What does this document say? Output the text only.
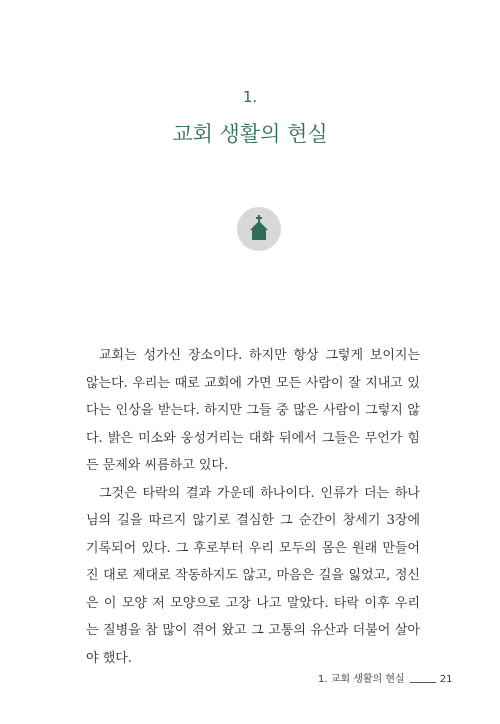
1.
교회 생활의 현실

교회는 성가신 장소이다. 하지만 항상 그렇게 보이지는 않는다. 우리는 때로 교회에 가면 모든 사람이 잘 지내고 있다는 인상을 받는다. 하지만 그들 중 많은 사람이 그렇지 않다. 밝은 미소와 웅성거리는 대화 뒤에서 그들은 무언가 힘든 문제와 씨름하고 있다.

그것은 타락의 결과 가운데 하나이다. 인류가 더는 하나님의 길을 따르지 않기로 결심한 그 순간이 창세기 3장에 기록되어 있다. 그 후로부터 우리 모두의 몸은 원래 만들어진 대로 제대로 작동하지도 않고, 마음은 길을 잃었고, 정신은 이 모양 저 모양으로 고장 나고 말았다. 타락 이후 우리는 질병을 참 많이 겪어 왔고 그 고통의 유산과 더불어 살아야 했다.

1. 교회 생활의 현실	21
